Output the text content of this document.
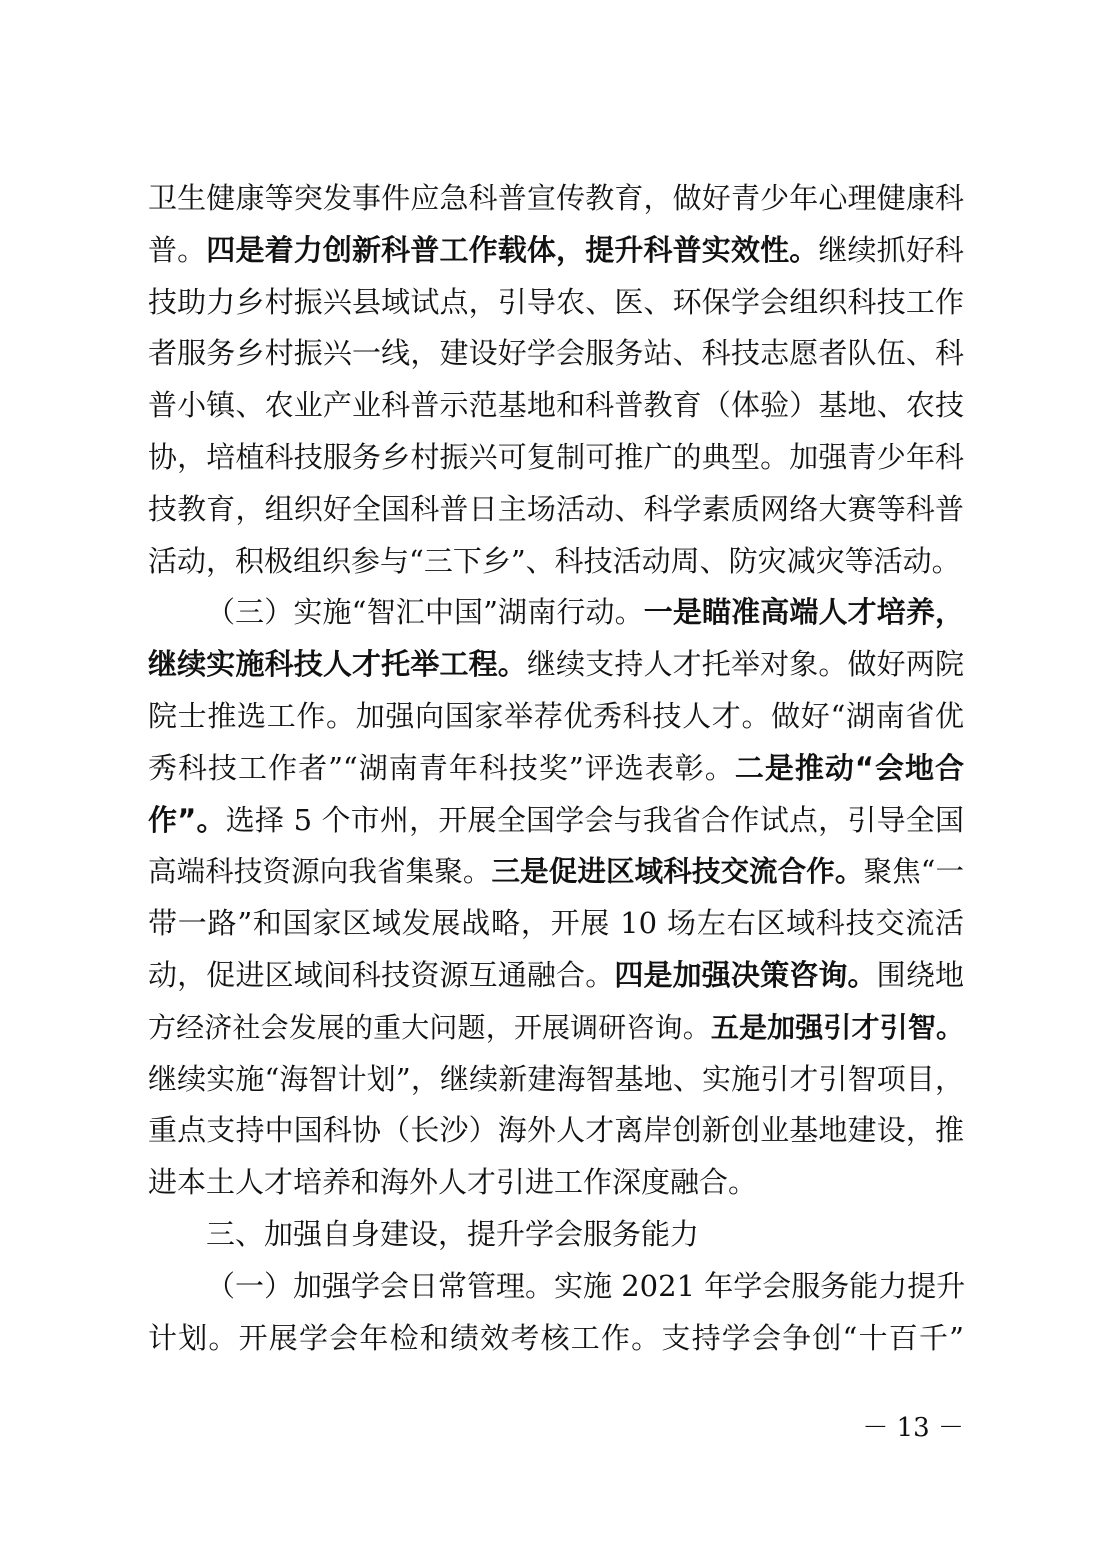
卫生健康等突发事件应急科普宣传教育，做好青少年心理健康科
普。四是着力创新科普工作载体，提升科普实效性。继续抓好科
技助力乡村振兴县域试点，引导农、医、环保学会组织科技工作
者服务乡村振兴一线，建设好学会服务站、科技志愿者队伍、科
普小镇、农业产业科普示范基地和科普教育（体验）基地、农技
协，培植科技服务乡村振兴可复制可推广的典型。加强青少年科
技教育，组织好全国科普日主场活动、科学素质网络大赛等科普
活动，积极组织参与“三下乡”、科技活动周、防灾减灾等活动。
（三）实施“智汇中国”湖南行动。一是瞄准高端人才培养，
继续实施科技人才托举工程。继续支持人才托举对象。做好两院
院士推选工作。加强向国家举荐优秀科技人才。做好“湖南省优
秀科技工作者”“湖南青年科技奖”评选表彰。二是推动“会地合
作”。选择 5 个市州，开展全国学会与我省合作试点，引导全国
高端科技资源向我省集聚。三是促进区域科技交流合作。聚焦“一
带一路”和国家区域发展战略，开展 10 场左右区域科技交流活
动，促进区域间科技资源互通融合。四是加强决策咨询。围绕地
方经济社会发展的重大问题，开展调研咨询。五是加强引才引智。
继续实施“海智计划”，继续新建海智基地、实施引才引智项目，
重点支持中国科协（长沙）海外人才离岸创新创业基地建设，推
进本土人才培养和海外人才引进工作深度融合。
三、加强自身建设，提升学会服务能力
（一）加强学会日常管理。实施 2021 年学会服务能力提升
计划。开展学会年检和绩效考核工作。支持学会争创“十百千”
－ 13 －
